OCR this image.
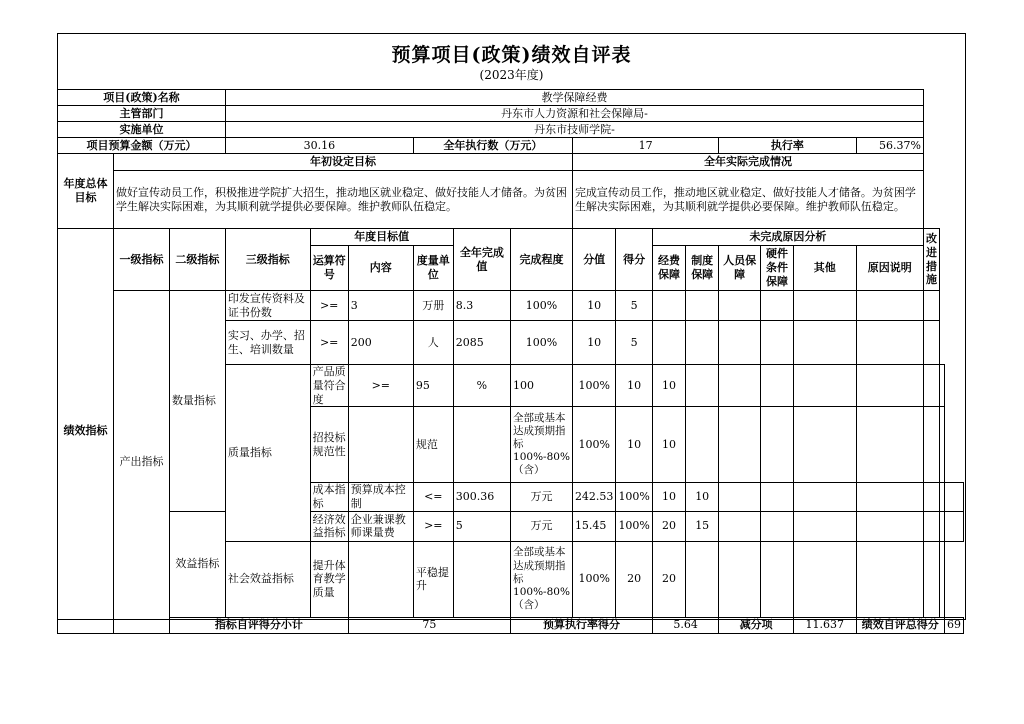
预算项目(政策)绩效自评表
(2023年度)
项目(政策)名称			教学保障经费																
主管部门			丹东市人力资源和社会保障局-																
实施单位			丹东市技师学院-																
项目预算金额（万元）			30.16			全年执行数（万元）			17				执行率			56.37%			
年度总体目标	年初设定目标								全年实际完成情况										
	做好宣传动员工作，积极推进学院扩大招生，推动地区就业稳定、做好技能人才储备。为贫困学生解决实际困难，为其顺利就学提供必要保障。维护教师队伍稳定。								完成宣传动员工作，推动地区就业稳定、做好技能人才储备。为贫困学生解决实际困难，为其顺利就学提供必要保障。维护教师队伍稳定。										
绩效指标	一级指标	二级指标	三级指标	年度目标值			全年完成值	完成程度	分值	得分	未完成原因分析						改进措施		
				运算符号	内容	度量单位					经费保障	制度保障	人员保障	硬件条件保障	其他	原因说明			
	产出指标	数量指标	印发宣传资料及证书份数	>=	3	万册	8.3	100%	10	5									
			实习、办学、招生、培训数量	>=	200	人	2085	100%	10	5									
			质量指标	产品质量符合度	>=	95	%	100	100%	10	10								
				招投标规范性		规范		全部或基本达成预期指标100%-80%（含）	100%	10	10								
				成本指标	预算成本控制	<=	300.36	万元	242.53	100%	10	10							
		效益指标		经济效益指标	企业兼课教师课量费	>=	5	万元	15.45	100%	20	15							
			社会效益指标	提升体育教学质量		平稳提升		全部或基本达成预期指标100%-80%（含）	100%	20	20								
		指标自评得分小计			75			预算执行率得分			5.64		减分项		11.637	绩效自评总得分			69
